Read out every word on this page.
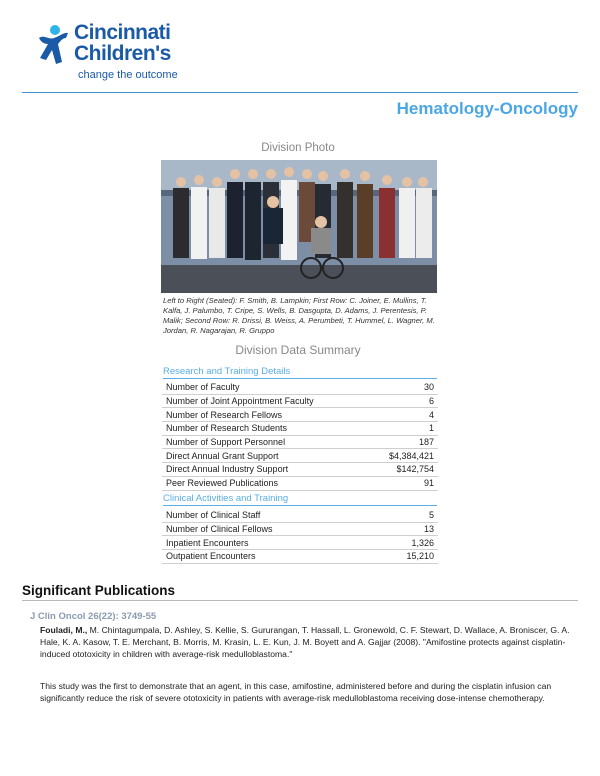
Cincinnati
Children's
change the outcome
Hematology-Oncology
Division Photo
Left to Right (Seated): F. Smith, B. Lampkin; First Row: C. Joiner, E. Mullins, T. Kalfa, J. Palumbo, T. Cripe, S. Wells, B. Dasgupta, D. Adams, J. Perentesis, P. Malik; Second Row: R. Drissi, B. Weiss, A. Perumbeti, T. Hummel, L. Wagner, M. Jordan, R. Nagarajan, R. Gruppo
Division Data Summary
Research and Training Details
Number of Faculty	30
Number of Joint Appointment Faculty	6
Number of Research Fellows	4
Number of Research Students	1
Number of Support Personnel	187
Direct Annual Grant Support	$4,384,421
Direct Annual Industry Support	$142,754
Peer Reviewed Publications	91
Clinical Activities and Training
Number of Clinical Staff	5
Number of Clinical Fellows	13
Inpatient Encounters	1,326
Outpatient Encounters	15,210
Significant Publications
J Clin Oncol 26(22): 3749-55
Fouladi, M., M. Chintagumpala, D. Ashley, S. Kellie, S. Gururangan, T. Hassall, L. Gronewold, C. F. Stewart, D. Wallace, A. Broniscer, G. A. Hale, K. A. Kasow, T. E. Merchant, B. Morris, M. Krasin, L. E. Kun, J. M. Boyett and A. Gajjar (2008). "Amifostine protects against cisplatin-induced ototoxicity in children with average-risk medulloblastoma."
This study was the first to demonstrate that an agent, in this case, amifostine, administered before and during the cisplatin infusion can significantly reduce the risk of severe ototoxicity in patients with average-risk medulloblastoma receiving dose-intense chemotherapy.
